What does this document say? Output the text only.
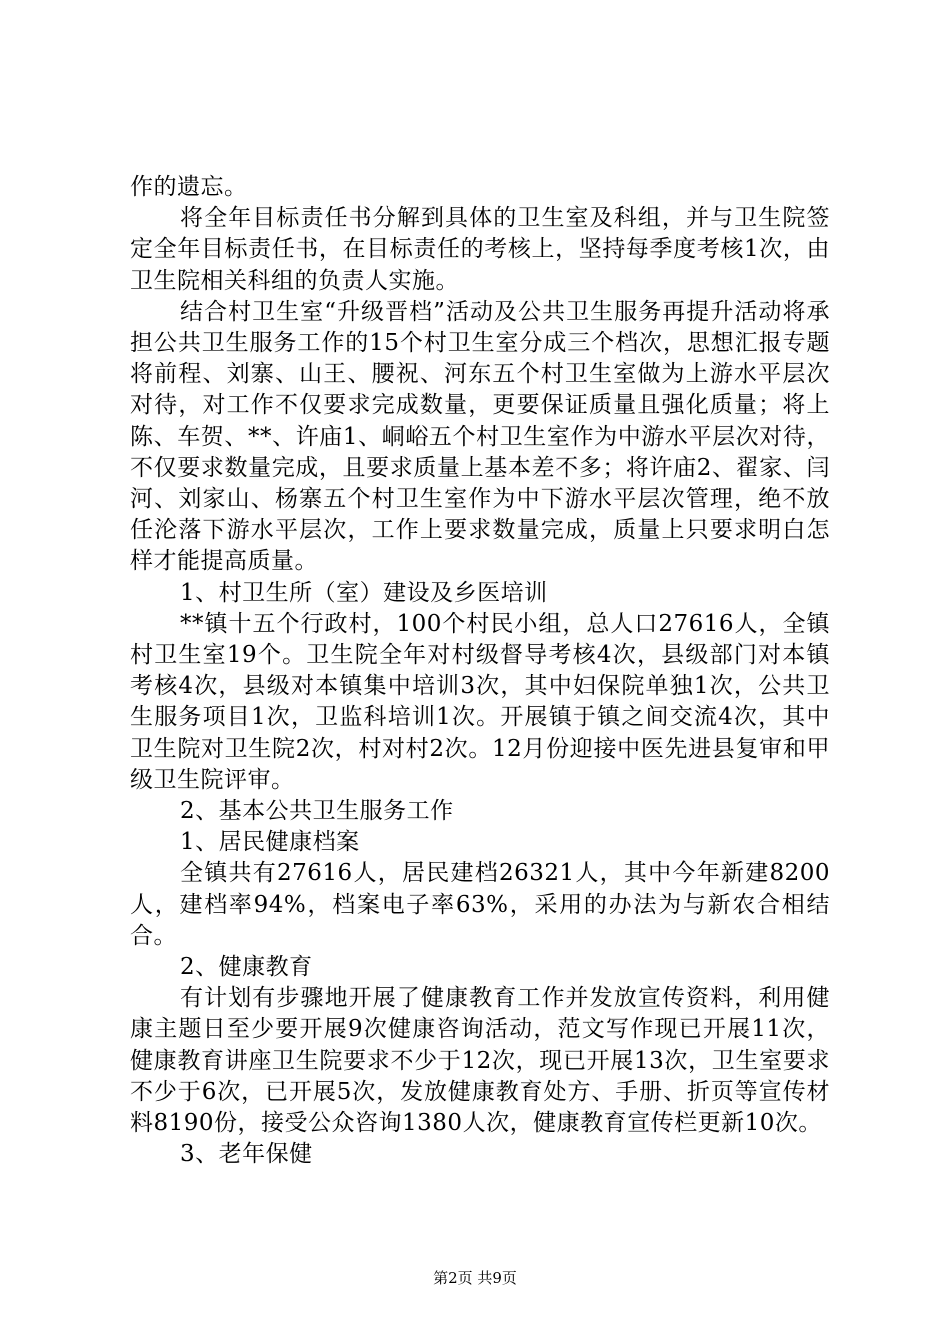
作的遗忘。

将全年目标责任书分解到具体的卫生室及科组，并与卫生院签定全年目标责任书，在目标责任的考核上，坚持每季度考核1次，由卫生院相关科组的负责人实施。

结合村卫生室“升级晋档”活动及公共卫生服务再提升活动将承担公共卫生服务工作的15个村卫生室分成三个档次，思想汇报专题将前程、刘寨、山王、腰祝、河东五个村卫生室做为上游水平层次对待，对工作不仅要求完成数量，更要保证质量且强化质量；将上陈、车贺、**、许庙1、峒峪五个村卫生室作为中游水平层次对待，不仅要求数量完成，且要求质量上基本差不多；将许庙2、翟家、闫河、刘家山、杨寨五个村卫生室作为中下游水平层次管理，绝不放任沦落下游水平层次，工作上要求数量完成，质量上只要求明白怎样才能提高质量。

1、村卫生所（室）建设及乡医培训

**镇十五个行政村，100个村民小组，总人口27616人，全镇村卫生室19个。卫生院全年对村级督导考核4次，县级部门对本镇考核4次，县级对本镇集中培训3次，其中妇保院单独1次，公共卫生服务项目1次，卫监科培训1次。开展镇于镇之间交流4次，其中卫生院对卫生院2次，村对村2次。12月份迎接中医先进县复审和甲级卫生院评审。

2、基本公共卫生服务工作

1、居民健康档案

全镇共有27616人，居民建档26321人，其中今年新建8200人，建档率94%，档案电子率63%，采用的办法为与新农合相结合。

2、健康教育

有计划有步骤地开展了健康教育工作并发放宣传资料，利用健康主题日至少要开展9次健康咨询活动，范文写作现已开展11次，健康教育讲座卫生院要求不少于12次，现已开展13次，卫生室要求不少于6次，已开展5次，发放健康教育处方、手册、折页等宣传材料8190份，接受公众咨询1380人次，健康教育宣传栏更新10次。

3、老年保健

第2页 共9页
